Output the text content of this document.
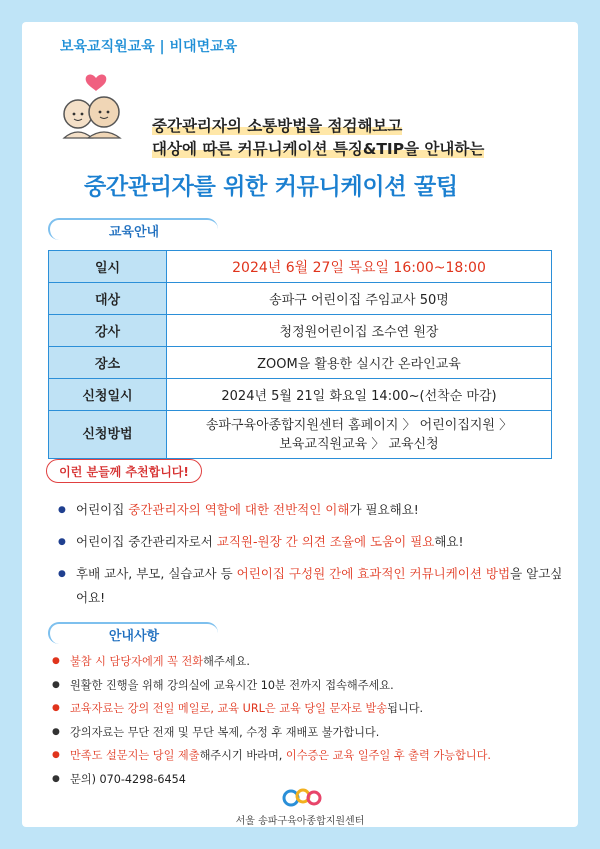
보육교직원교육 | 비대면교육
중간관리자의 소통방법을 점검해보고
대상에 따른 커뮤니케이션 특징&TIP을 안내하는
중간관리자를 위한 커뮤니케이션 꿀팁
교육안내
일시	2024년 6월 27일 목요일 16:00~18:00
대상	송파구 어린이집 주임교사 50명
강사	청정원어린이집 조수연 원장
장소	ZOOM을 활용한 실시간 온라인교육
신청일시	2024년 5월 21일 화요일 14:00~(선착순 마감)
신청방법	송파구육아종합지원센터 홈페이지 〉 어린이집지원 〉
보육교직원교육 〉 교육신청
이런 분들께 추천합니다!
● 어린이집 중간관리자의 역할에 대한 전반적인 이해가 필요해요!
● 어린이집 중간관리자로서 교직원-원장 간 의견 조율에 도움이 필요해요!
● 후배 교사, 부모, 실습교사 등 어린이집 구성원 간에 효과적인 커뮤니케이션 방법을 알고싶어요!
안내사항
● 불참 시 담당자에게 꼭 전화해주세요.
● 원활한 진행을 위해 강의실에 교육시간 10분 전까지 접속해주세요.
● 교육자료는 강의 전일 메일로, 교육 URL은 교육 당일 문자로 발송됩니다.
● 강의자료는 무단 전재 및 무단 복제, 수정 후 재배포 불가합니다.
● 만족도 설문지는 당일 제출해주시기 바라며, 이수증은 교육 일주일 후 출력 가능합니다.
● 문의) 070-4298-6454
서울 송파구육아종합지원센터
